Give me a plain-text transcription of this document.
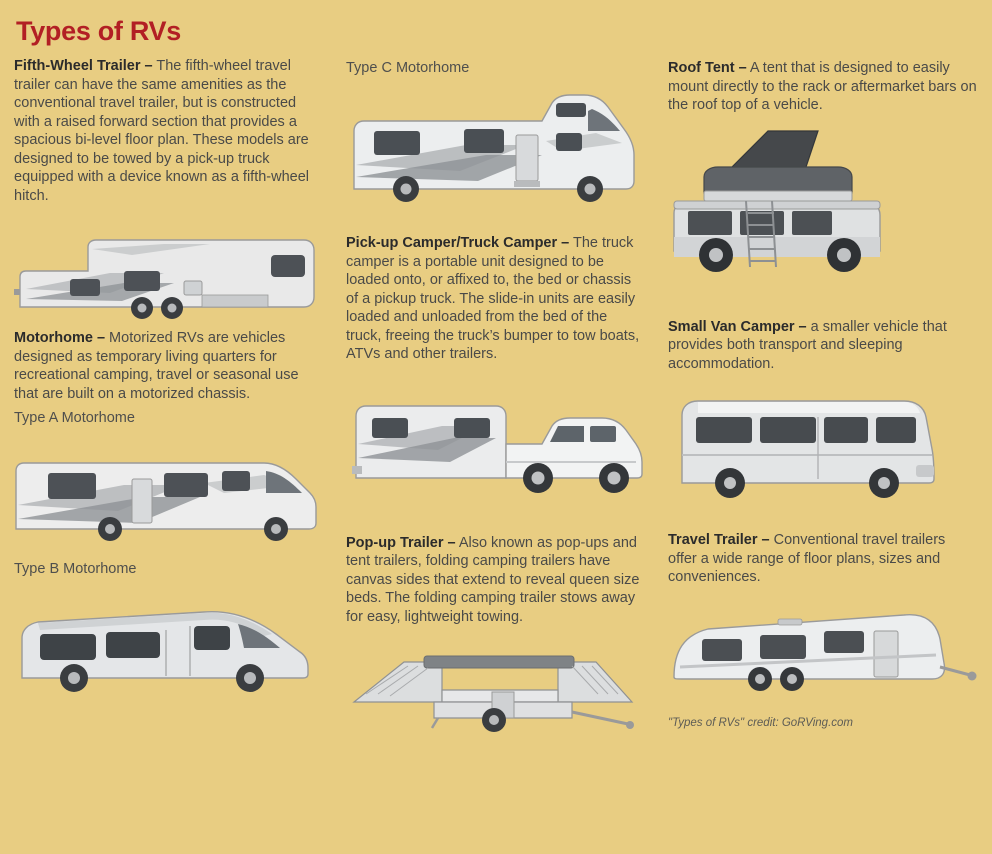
Types of RVs

Fifth-Wheel Trailer – The fifth-wheel travel trailer can have the same amenities as the conventional travel trailer, but is constructed with a raised forward section that provides a spacious bi-level floor plan. These models are designed to be towed by a pick-up truck equipped with a device known as a fifth-wheel hitch.

Motorhome – Motorized RVs are vehicles designed as temporary living quarters for recreational camping, travel or seasonal use that are built on a motorized chassis.

Type A Motorhome

Type B Motorhome

Type C Motorhome

Pick-up Camper/Truck Camper – The truck camper is a portable unit designed to be loaded onto, or affixed to, the bed or chassis of a pickup truck. The slide-in units are easily loaded and unloaded from the bed of the truck, freeing the truck’s bumper to tow boats, ATVs and other trailers.

Pop-up Trailer – Also known as pop-ups and tent trailers, folding camping trailers have canvas sides that extend to reveal queen size beds. The folding camping trailer stows away for easy, lightweight towing.

Roof Tent – A tent that is designed to easily mount directly to the rack or aftermarket bars on the roof top of a vehicle.

Small Van Camper – a smaller vehicle that provides both transport and sleeping accommodation.

Travel Trailer – Conventional travel trailers offer a wide range of floor plans, sizes and conveniences.

"Types of RVs" credit: GoRVing.com
